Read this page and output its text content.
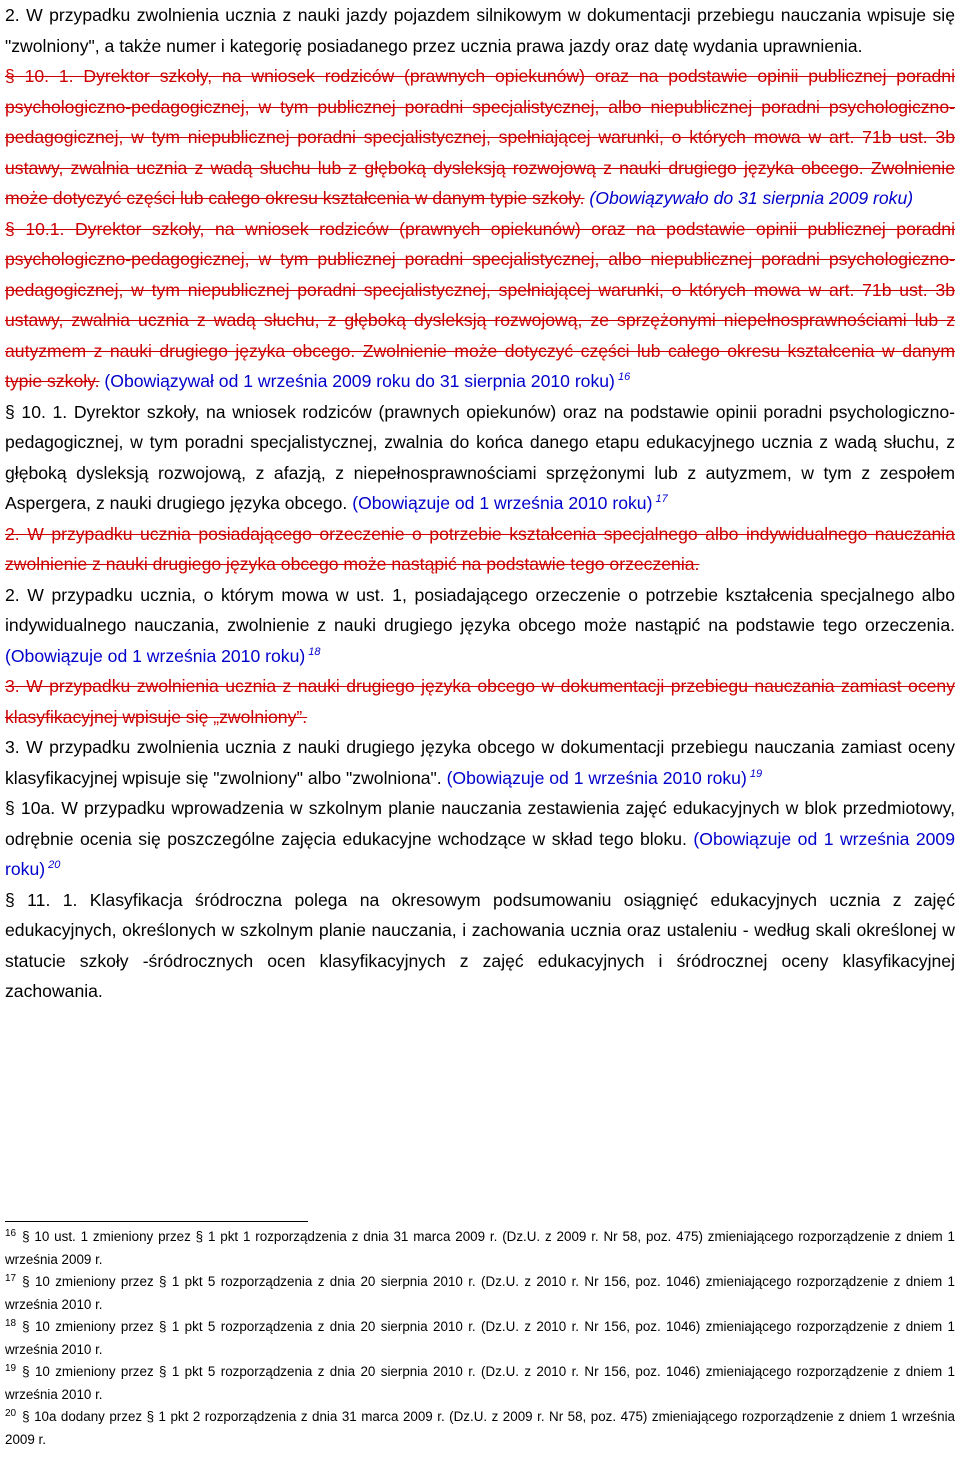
2. W przypadku zwolnienia ucznia z nauki jazdy pojazdem silnikowym w dokumentacji przebiegu nauczania wpisuje się "zwolniony", a także numer i kategorię posiadanego przez ucznia prawa jazdy oraz datę wydania uprawnienia.

§ 10. 1. Dyrektor szkoły, na wniosek rodziców (prawnych opiekunów) oraz na podstawie opinii publicznej poradni psychologiczno-pedagogicznej, w tym publicznej poradni specjalistycznej, albo niepublicznej poradni psychologiczno-pedagogicznej, w tym niepublicznej poradni specjalistycznej, spełniającej warunki, o których mowa w art. 71b ust. 3b ustawy, zwalnia ucznia z wadą słuchu lub z głęboką dysleksją rozwojową z nauki drugiego języka obcego. Zwolnienie może dotyczyć części lub całego okresu kształcenia w danym typie szkoły. (Obowiązywało do 31 sierpnia 2009 roku)

§ 10.1. Dyrektor szkoły, na wniosek rodziców (prawnych opiekunów) oraz na podstawie opinii publicznej poradni psychologiczno-pedagogicznej, w tym publicznej poradni specjalistycznej, albo niepublicznej poradni psychologiczno-pedagogicznej, w tym niepublicznej poradni specjalistycznej, spełniającej warunki, o których mowa w art. 71b ust. 3b ustawy, zwalnia ucznia z wadą słuchu, z głęboką dysleksją rozwojową, ze sprzężonymi niepełnosprawnościami lub z autyzmem z nauki drugiego języka obcego. Zwolnienie może dotyczyć części lub całego okresu kształcenia w danym typie szkoły. (Obowiązywał od 1 września 2009 roku do 31 sierpnia 2010 roku) $^{16}$

§ 10. 1. Dyrektor szkoły, na wniosek rodziców (prawnych opiekunów) oraz na podstawie opinii poradni psychologiczno-pedagogicznej, w tym poradni specjalistycznej, zwalnia do końca danego etapu edukacyjnego ucznia z wadą słuchu, z głęboką dysleksją rozwojową, z afazją, z niepełnosprawnościami sprzężonymi lub z autyzmem, w tym z zespołem Aspergera, z nauki drugiego języka obcego. (Obowiązuje od 1 września 2010 roku) $^{17}$

2. W przypadku ucznia posiadającego orzeczenie o potrzebie kształcenia specjalnego albo indywidualnego nauczania zwolnienie z nauki drugiego języka obcego może nastąpić na podstawie tego orzeczenia.

2. W przypadku ucznia, o którym mowa w ust. 1, posiadającego orzeczenie o potrzebie kształcenia specjalnego albo indywidualnego nauczania, zwolnienie z nauki drugiego języka obcego może nastąpić na podstawie tego orzeczenia. (Obowiązuje od 1 września 2010 roku) $^{18}$

3. W przypadku zwolnienia ucznia z nauki drugiego języka obcego w dokumentacji przebiegu nauczania zamiast oceny klasyfikacyjnej wpisuje się „zwolniony”.

3. W przypadku zwolnienia ucznia z nauki drugiego języka obcego w dokumentacji przebiegu nauczania zamiast oceny klasyfikacyjnej wpisuje się "zwolniony" albo "zwolniona". (Obowiązuje od 1 września 2010 roku) $^{19}$

§ 10a. W przypadku wprowadzenia w szkolnym planie nauczania zestawienia zajęć edukacyjnych w blok przedmiotowy, odrębnie ocenia się poszczególne zajęcia edukacyjne wchodzące w skład tego bloku. (Obowiązuje od 1 września 2009 roku) $^{20}$

§ 11. 1. Klasyfikacja śródroczna polega na okresowym podsumowaniu osiągnięć edukacyjnych ucznia z zajęć edukacyjnych, określonych w szkolnym planie nauczania, i zachowania ucznia oraz ustaleniu - według skali określonej w statucie szkoły -śródrocznych ocen klasyfikacyjnych z zajęć edukacyjnych i śródrocznej oceny klasyfikacyjnej zachowania.

$^{16}$ § 10 ust. 1 zmieniony przez § 1 pkt 1 rozporządzenia z dnia 31 marca 2009 r. (Dz.U. z 2009 r. Nr 58, poz. 475) zmieniającego rozporządzenie z dniem 1 września 2009 r.

$^{17}$ § 10 zmieniony przez § 1 pkt 5 rozporządzenia z dnia 20 sierpnia 2010 r. (Dz.U. z 2010 r. Nr 156, poz. 1046) zmieniającego rozporządzenie z dniem 1 września 2010 r.

$^{18}$ § 10 zmieniony przez § 1 pkt 5 rozporządzenia z dnia 20 sierpnia 2010 r. (Dz.U. z 2010 r. Nr 156, poz. 1046) zmieniającego rozporządzenie z dniem 1 września 2010 r.

$^{19}$ § 10 zmieniony przez § 1 pkt 5 rozporządzenia z dnia 20 sierpnia 2010 r. (Dz.U. z 2010 r. Nr 156, poz. 1046) zmieniającego rozporządzenie z dniem 1 września 2010 r.

$^{20}$ § 10a dodany przez § 1 pkt 2 rozporządzenia z dnia 31 marca 2009 r. (Dz.U. z 2009 r. Nr 58, poz. 475) zmieniającego rozporządzenie z dniem 1 września 2009 r.
